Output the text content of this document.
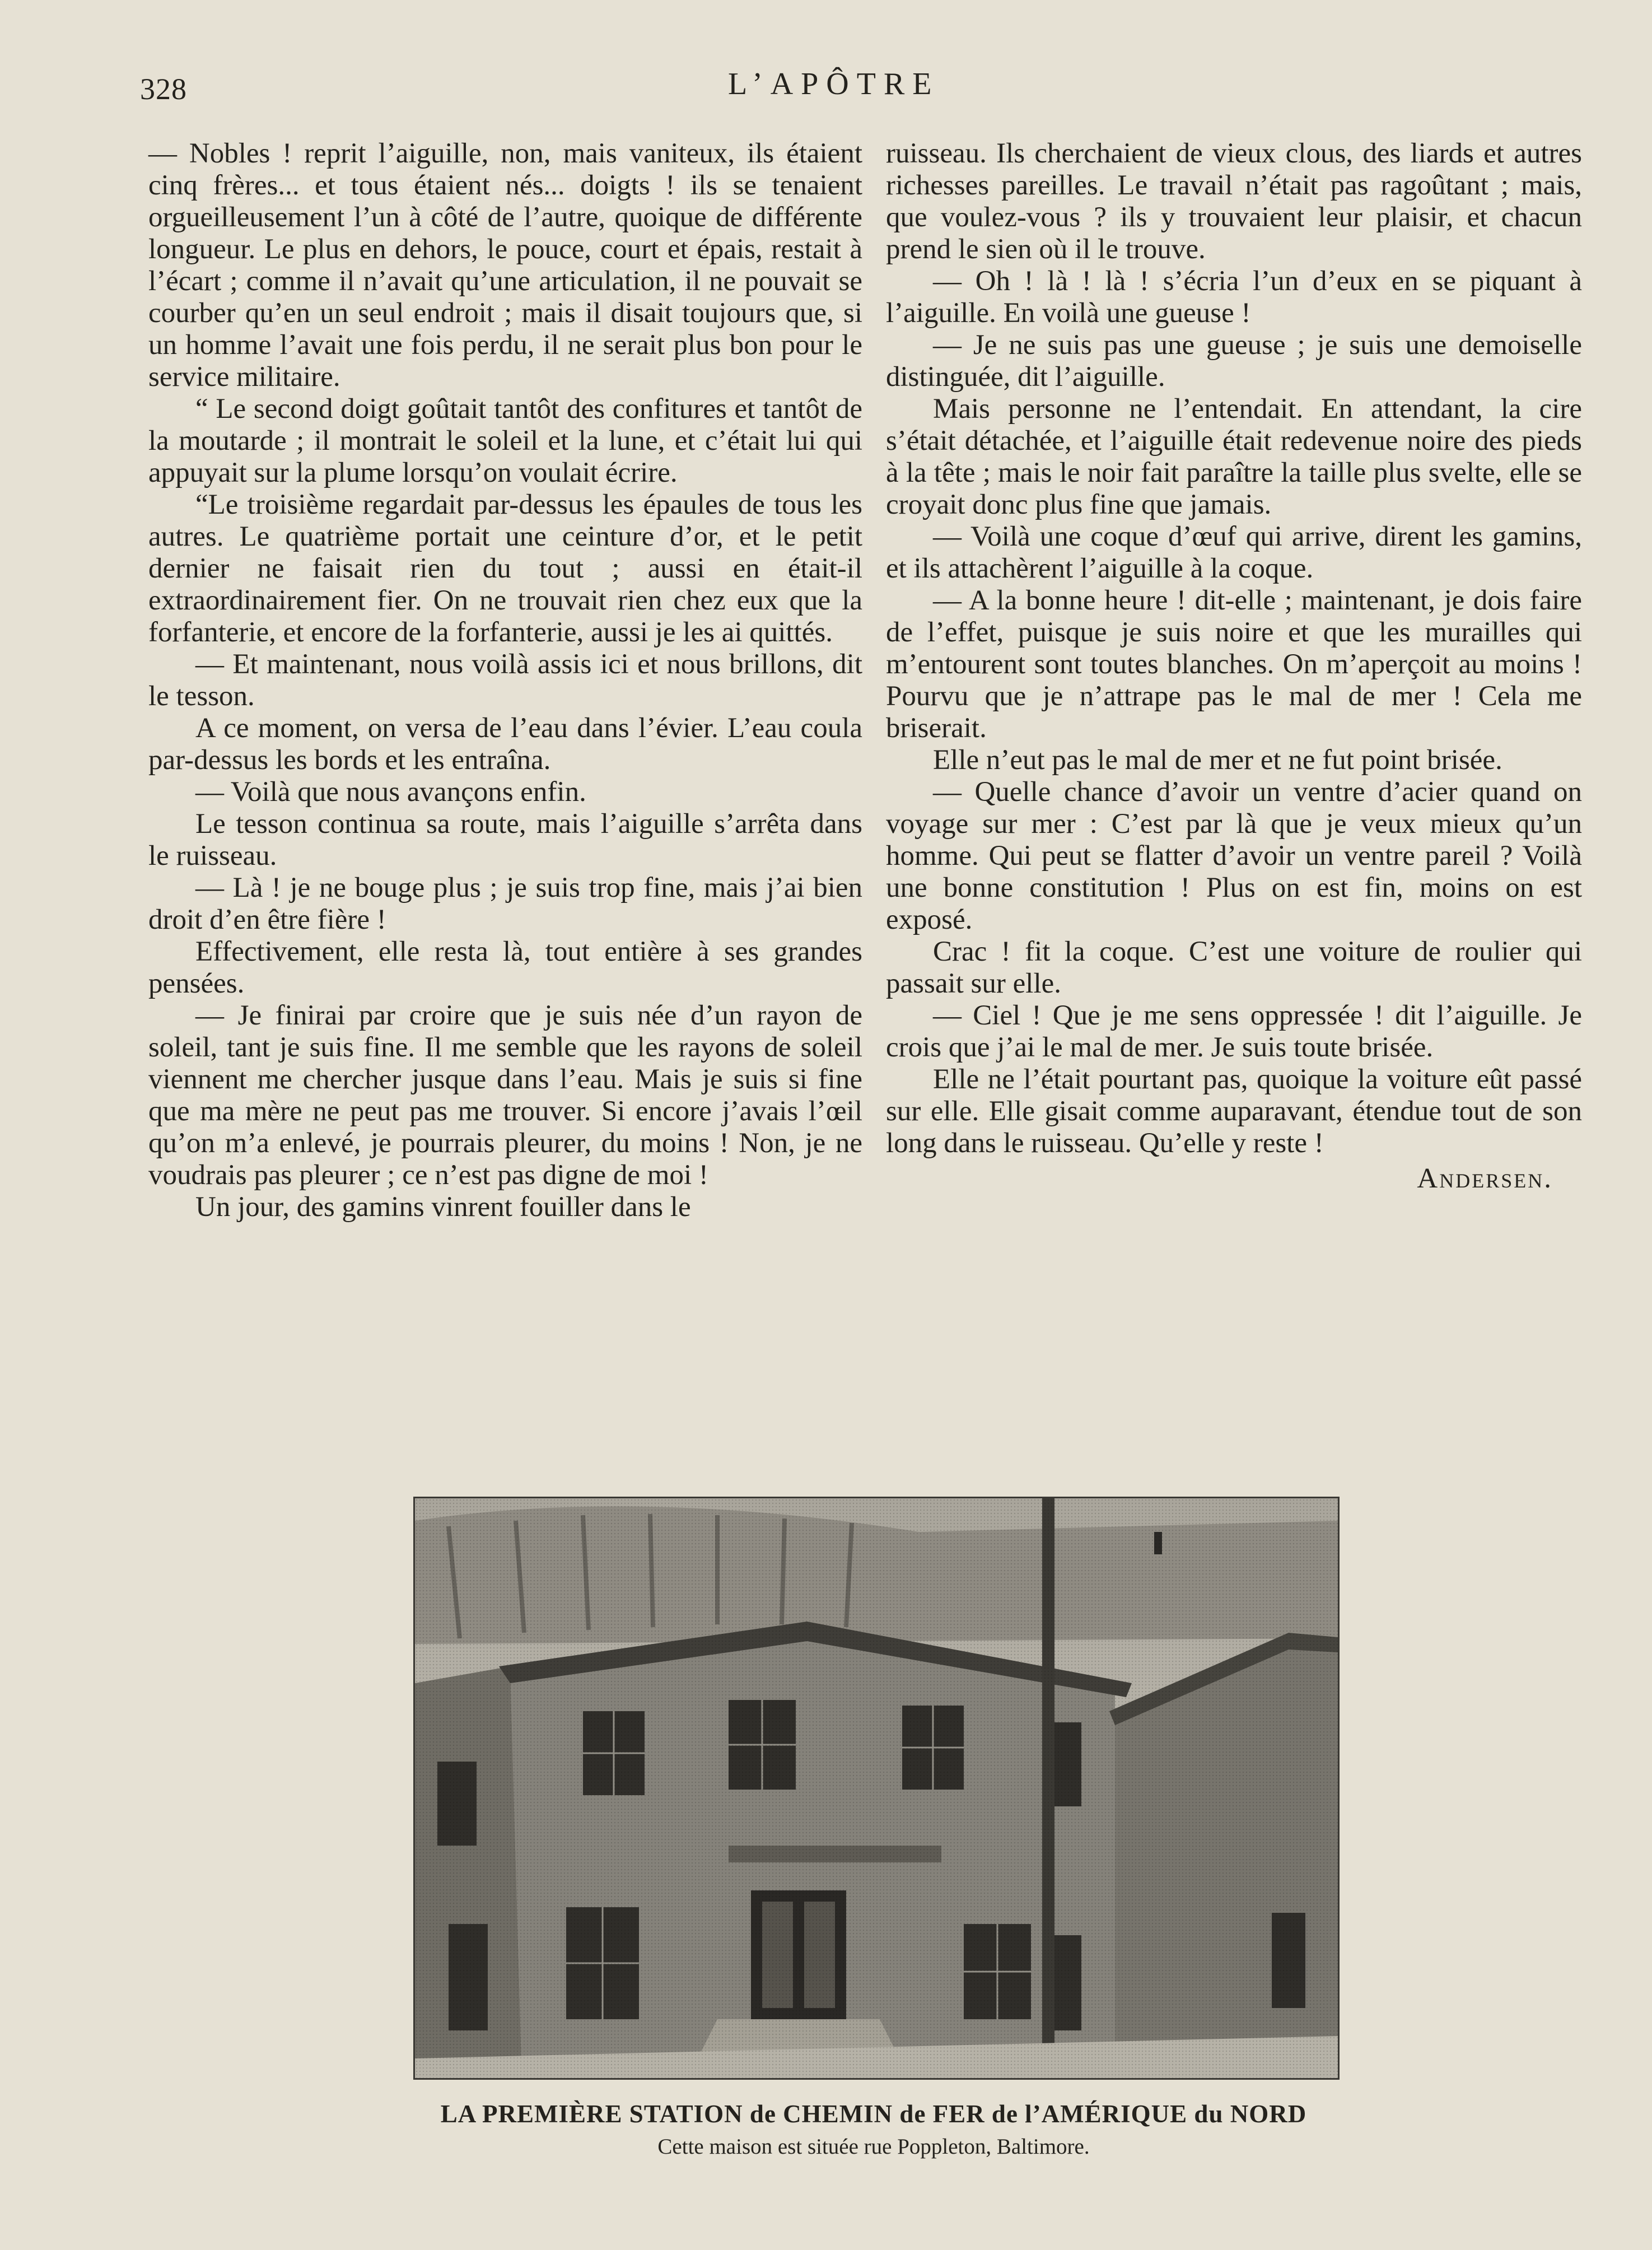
328	L’APÔTRE

— Nobles ! reprit l’aiguille, non, mais vaniteux, ils étaient cinq frères... et tous étaient nés... doigts ! ils se tenaient orgueilleusement l’un à côté de l’autre, quoique de différente longueur. Le plus en dehors, le pouce, court et épais, restait à l’écart ; comme il n’avait qu’une articulation, il ne pouvait se courber qu’en un seul endroit ; mais il disait toujours que, si un homme l’avait une fois perdu, il ne serait plus bon pour le service militaire.

“ Le second doigt goûtait tantôt des confitures et tantôt de la moutarde ; il montrait le soleil et la lune, et c’était lui qui appuyait sur la plume lorsqu’on voulait écrire.

“Le troisième regardait par-dessus les épaules de tous les autres. Le quatrième portait une ceinture d’or, et le petit dernier ne faisait rien du tout ; aussi en était-il extraordinairement fier. On ne trouvait rien chez eux que la forfanterie, et encore de la forfanterie, aussi je les ai quittés.

— Et maintenant, nous voilà assis ici et nous brillons, dit le tesson.

A ce moment, on versa de l’eau dans l’évier. L’eau coula par-dessus les bords et les entraîna.

— Voilà que nous avançons enfin.

Le tesson continua sa route, mais l’aiguille s’arrêta dans le ruisseau.

— Là ! je ne bouge plus ; je suis trop fine, mais j’ai bien droit d’en être fière !

Effectivement, elle resta là, tout entière à ses grandes pensées.

— Je finirai par croire que je suis née d’un rayon de soleil, tant je suis fine. Il me semble que les rayons de soleil viennent me chercher jusque dans l’eau. Mais je suis si fine que ma mère ne peut pas me trouver. Si encore j’avais l’œil qu’on m’a enlevé, je pourrais pleurer, du moins ! Non, je ne voudrais pas pleurer ; ce n’est pas digne de moi !

Un jour, des gamins vinrent fouiller dans le

ruisseau. Ils cherchaient de vieux clous, des liards et autres richesses pareilles. Le travail n’était pas ragoûtant ; mais, que voulez-vous ? ils y trouvaient leur plaisir, et chacun prend le sien où il le trouve.

— Oh ! là ! là ! s’écria l’un d’eux en se piquant à l’aiguille. En voilà une gueuse !

— Je ne suis pas une gueuse ; je suis une demoiselle distinguée, dit l’aiguille.

Mais personne ne l’entendait. En attendant, la cire s’était détachée, et l’aiguille était redevenue noire des pieds à la tête ; mais le noir fait paraître la taille plus svelte, elle se croyait donc plus fine que jamais.

— Voilà une coque d’œuf qui arrive, dirent les gamins, et ils attachèrent l’aiguille à la coque.

— A la bonne heure ! dit-elle ; maintenant, je dois faire de l’effet, puisque je suis noire et que les murailles qui m’entourent sont toutes blanches. On m’aperçoit au moins ! Pourvu que je n’attrape pas le mal de mer ! Cela me briserait.

Elle n’eut pas le mal de mer et ne fut point brisée.

— Quelle chance d’avoir un ventre d’acier quand on voyage sur mer : C’est par là que je veux mieux qu’un homme. Qui peut se flatter d’avoir un ventre pareil ? Voilà une bonne constitution ! Plus on est fin, moins on est exposé.

Crac ! fit la coque. C’est une voiture de roulier qui passait sur elle.

— Ciel ! Que je me sens oppressée ! dit l’aiguille. Je crois que j’ai le mal de mer. Je suis toute brisée.

Elle ne l’était pourtant pas, quoique la voiture eût passé sur elle. Elle gisait comme auparavant, étendue tout de son long dans le ruisseau. Qu’elle y reste !

Andersen.

LA PREMIÈRE STATION de CHEMIN de FER de l’AMÉRIQUE du NORD
Cette maison est située rue Poppleton, Baltimore.
